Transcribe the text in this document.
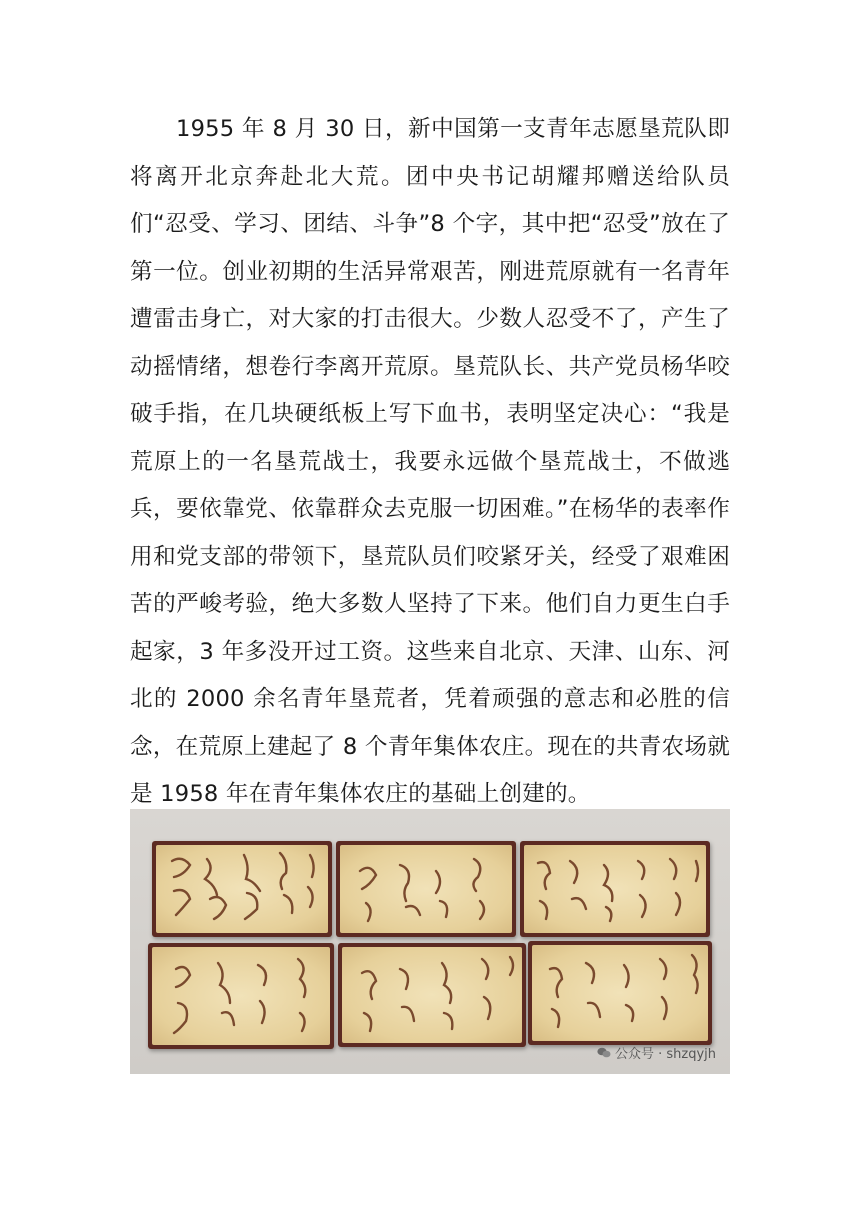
1955 年 8 月 30 日，新中国第一支青年志愿垦荒队即将离开北京奔赴北大荒。团中央书记胡耀邦赠送给队员们“忍受、学习、团结、斗争”8 个字，其中把“忍受”放在了第一位。创业初期的生活异常艰苦，刚进荒原就有一名青年遭雷击身亡，对大家的打击很大。少数人忍受不了，产生了动摇情绪，想卷行李离开荒原。垦荒队长、共产党员杨华咬破手指，在几块硬纸板上写下血书，表明坚定决心：“我是荒原上的一名垦荒战士，我要永远做个垦荒战士，不做逃兵，要依靠党、依靠群众去克服一切困难。”在杨华的表率作用和党支部的带领下，垦荒队员们咬紧牙关，经受了艰难困苦的严峻考验，绝大多数人坚持了下来。他们自力更生白手起家，3 年多没开过工资。这些来自北京、天津、山东、河北的 2000 余名青年垦荒者，凭着顽强的意志和必胜的信念，在荒原上建起了 8 个青年集体农庄。现在的共青农场就是 1958 年在青年集体农庄的基础上创建的。

公众号 · shzqyjh
